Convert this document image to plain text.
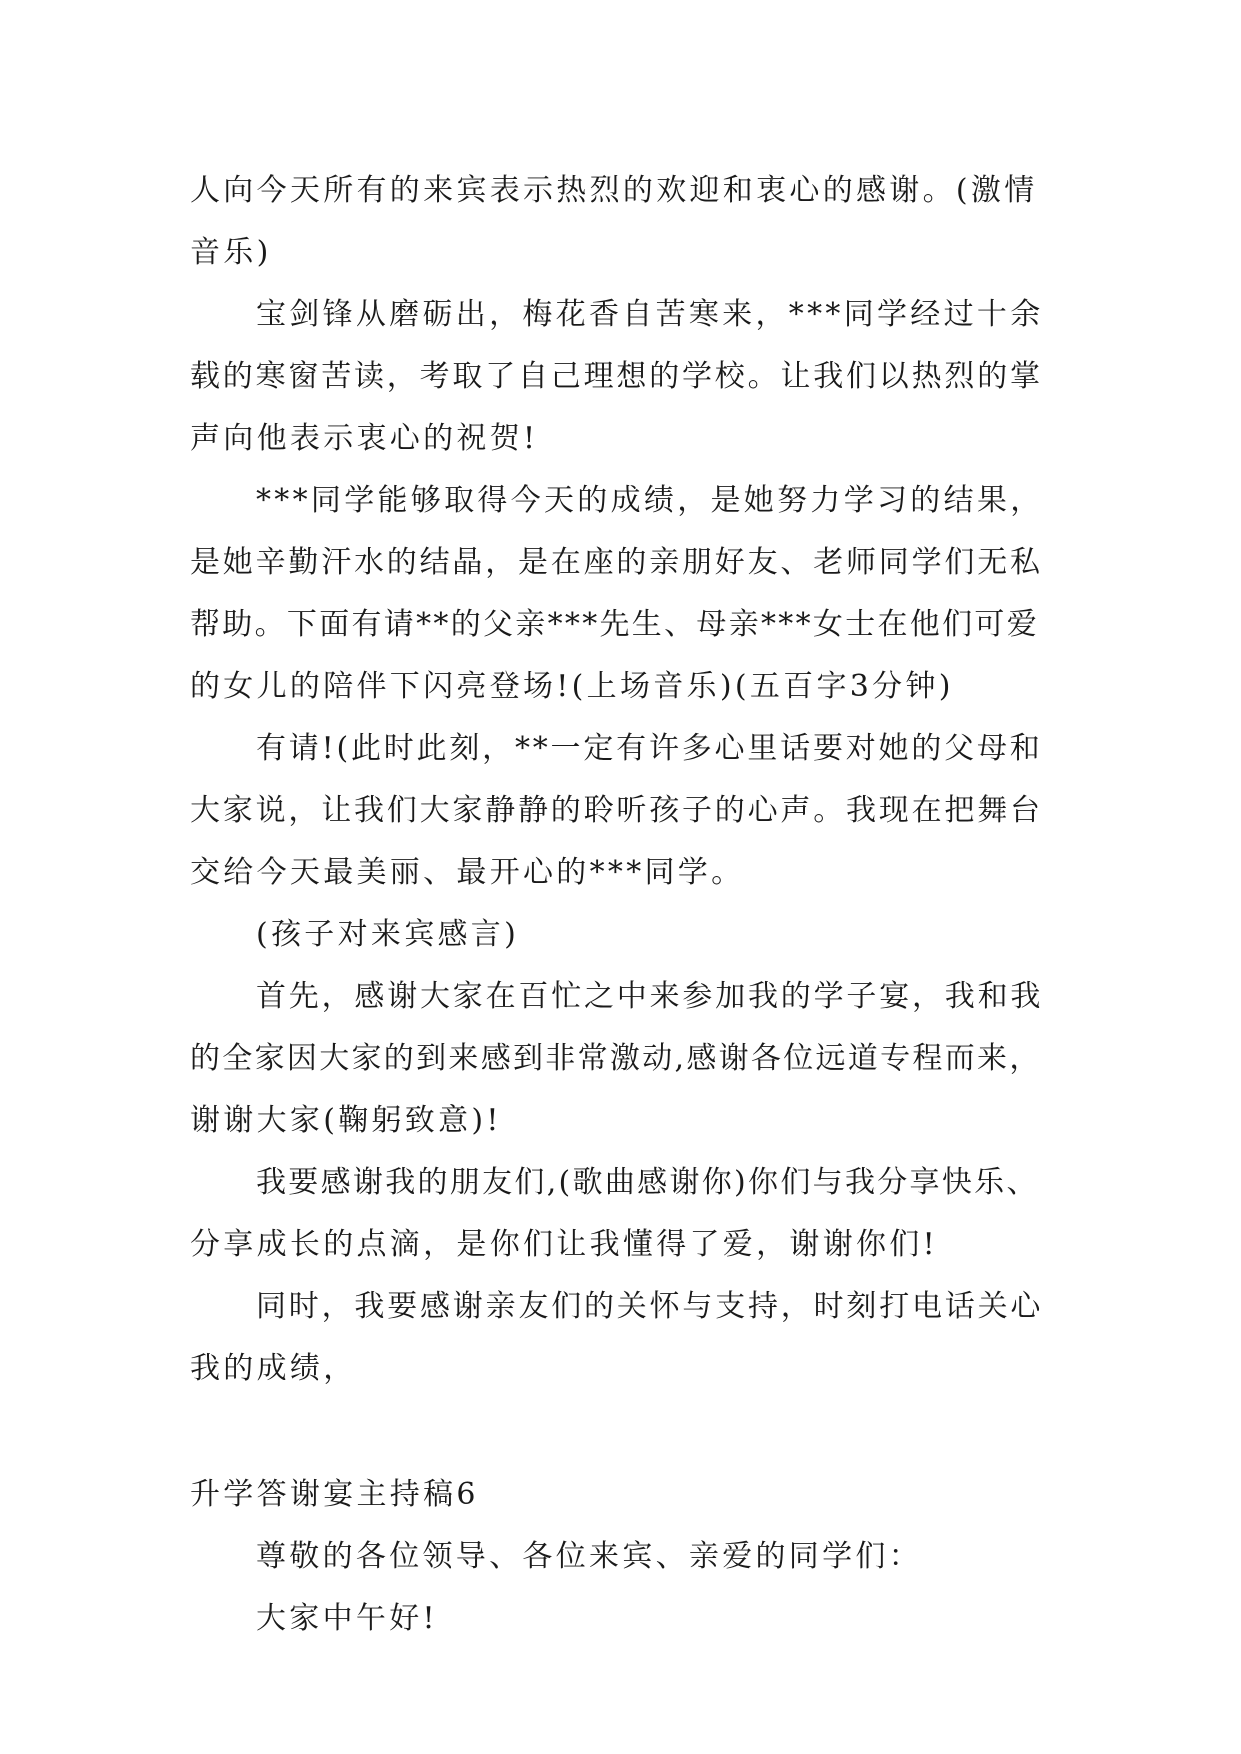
人向今天所有的来宾表示热烈的欢迎和衷心的感谢。(激情
音乐)
宝剑锋从磨砺出，梅花香自苦寒来，***同学经过十余
载的寒窗苦读，考取了自己理想的学校。让我们以热烈的掌
声向他表示衷心的祝贺!
***同学能够取得今天的成绩，是她努力学习的结果，
是她辛勤汗水的结晶，是在座的亲朋好友、老师同学们无私
帮助。下面有请**的父亲***先生、母亲***女士在他们可爱
的女儿的陪伴下闪亮登场!(上场音乐)(五百字3分钟)
有请!(此时此刻，**一定有许多心里话要对她的父母和
大家说，让我们大家静静的聆听孩子的心声。我现在把舞台
交给今天最美丽、最开心的***同学。
(孩子对来宾感言)
首先，感谢大家在百忙之中来参加我的学子宴，我和我
的全家因大家的到来感到非常激动,感谢各位远道专程而来，
谢谢大家(鞠躬致意)!
我要感谢我的朋友们,(歌曲感谢你)你们与我分享快乐、
分享成长的点滴，是你们让我懂得了爱，谢谢你们!
同时，我要感谢亲友们的关怀与支持，时刻打电话关心
我的成绩，
升学答谢宴主持稿6
尊敬的各位领导、各位来宾、亲爱的同学们：
大家中午好!
